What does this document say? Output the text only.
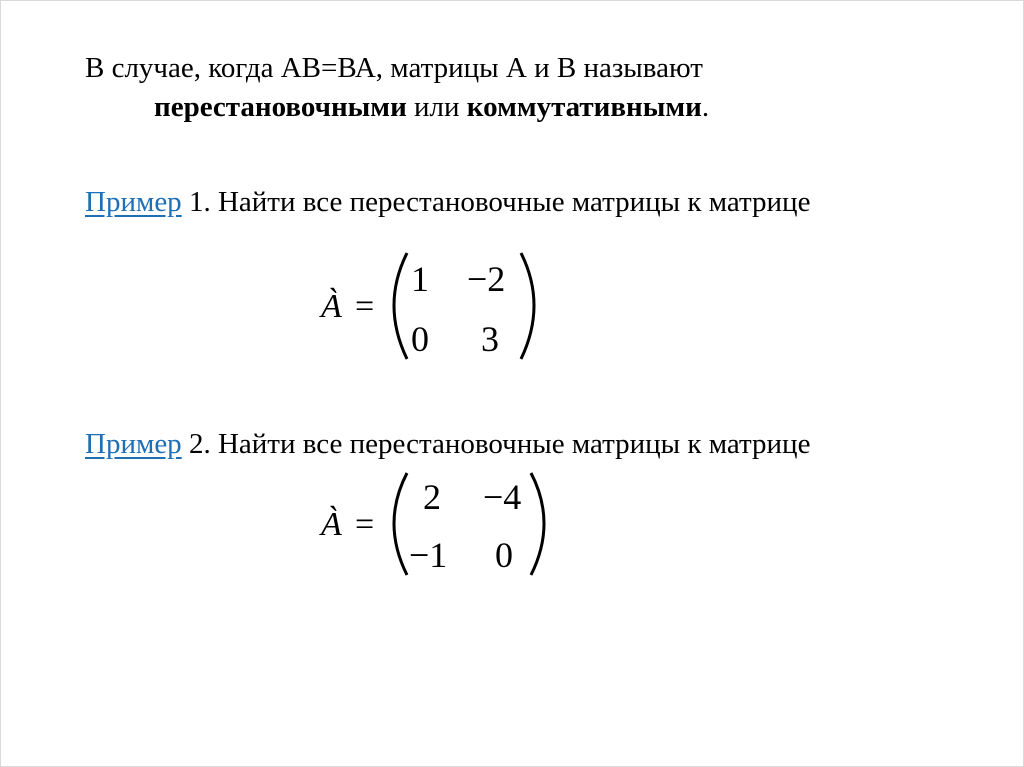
В случае, когда АВ=ВА, матрицы А и В называют
перестановочными или коммутативными.
Пример 1. Найти все перестановочные матрицы к матрице
À =
1 −2
0 3
Пример 2. Найти все перестановочные матрицы к матрице
À =
2 −4
−1 0
